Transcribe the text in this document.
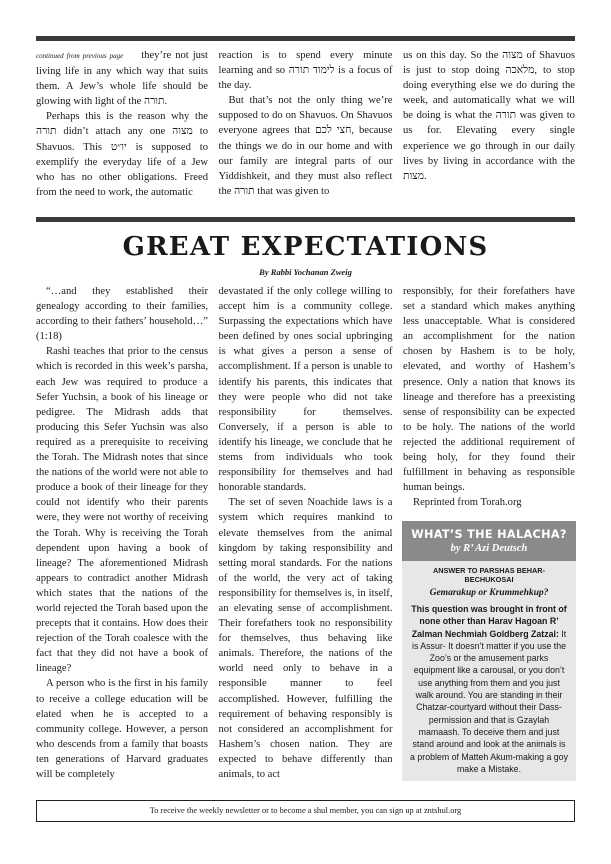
continued from previous page they’re not just living life in any which way that suits them. A Jew’s whole life should be glowing with light of the תורה.

Perhaps this is the reason why the תורה didn’t attach any one מצוה to Shavuos. This יו״ט is supposed to exemplify the everyday life of a Jew who has no other obligations. Freed from the need to work, the automatic

reaction is to spend every minute learning and so לימוד תורה is a focus of the day.

But that’s not the only thing we’re supposed to do on Shavuos. On Shavuos everyone agrees that חצי לכם, because the things we do in our home and with our family are integral parts of our Yiddishkeit, and they must also reflect the תורה that was given to

us on this day. So the מצוה of Shavuos is just to stop doing מלאכה, to stop doing everything else we do during the week, and automatically what we will be doing is what the תורה was given to us for. Elevating every single experience we go through in our daily lives by living in accordance with the מצות.

GREAT EXPECTATIONS
By Rabbi Yochanan Zweig

“…and they established their genealogy according to their families, according to their fathers’ household…” (1:18)

Rashi teaches that prior to the census which is recorded in this week’s parsha, each Jew was required to produce a Sefer Yuchsin, a book of his lineage or pedigree. The Midrash adds that producing this Sefer Yuchsin was also required as a prerequisite to receiving the Torah. The Midrash notes that since the nations of the world were not able to produce a book of their lineage for they could not identify who their parents were, they were not worthy of receiving the Torah. Why is receiving the Torah dependent upon having a book of lineage? The aforementioned Midrash appears to contradict another Midrash which states that the nations of the world rejected the Torah based upon the precepts that it contains. How does their rejection of the Torah coalesce with the fact that they did not have a book of lineage?

A person who is the first in his family to receive a college education will be elated when he is accepted to a community college. However, a person who descends from a family that boasts ten generations of Harvard graduates will be completely

devastated if the only college willing to accept him is a community college. Surpassing the expectations which have been defined by ones social upbringing is what gives a person a sense of accomplishment. If a person is unable to identify his parents, this indicates that they were people who did not take responsibility for themselves. Conversely, if a person is able to identify his lineage, we conclude that he stems from individuals who took responsibility for themselves and had honorable standards.

The set of seven Noachide laws is a system which requires mankind to elevate themselves from the animal kingdom by taking responsibility and setting moral standards. For the nations of the world, the very act of taking responsibility for themselves is, in itself, an elevating sense of accomplishment. Their forefathers took no responsibility for themselves, thus behaving like animals. Therefore, the nations of the world need only to behave in a responsible manner to feel accomplished. However, fulfilling the requirement of behaving responsibly is not considered an accomplishment for Hashem’s chosen nation. They are expected to behave differently than animals, to act

responsibly, for their forefathers have set a standard which makes anything less unacceptable. What is considered an accomplishment for the nation chosen by Hashem is to be holy, elevated, and worthy of Hashem’s presence. Only a nation that knows its lineage and therefore has a preexisting sense of responsibility can be expected to be holy. The nations of the world rejected the additional requirement of being holy, for they found their fulfillment in behaving as responsible human beings.

Reprinted from Torah.org

WHAT’S THE HALACHA?
by R’ Azi Deutsch
ANSWER TO PARSHAS BEHAR-BECHUKOSAI
Gemarakup or Krummehkup?
This question was brought in front of none other than Harav Hagoan R’ Zalman Nechmiah Goldberg Zatzal: It is Assur- It doesn’t matter if you use the Zoo’s or the amusement parks equipment like a carousal, or you don’t use anything from them and you just walk around. You are standing in their Chatzar-courtyard without their Dass-permission and that is Gzaylah mamaash. To deceive them and just stand around and look at the animals is a problem of Matteh Akum-making a goy make a Mistake.
To receive the weekly newsletter or to become a shul member, you can sign up at zntshul.org
